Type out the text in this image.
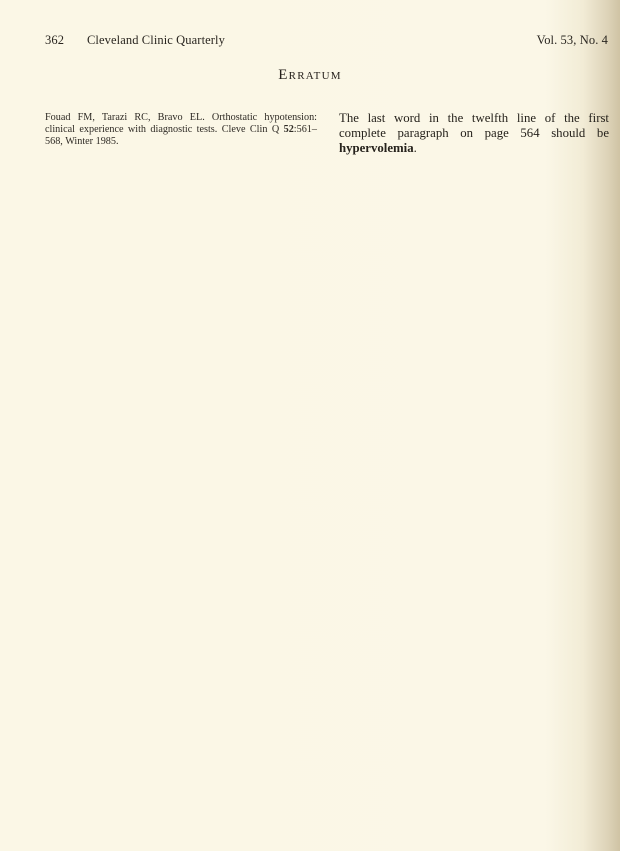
362 Cleveland Clinic Quarterly	Vol. 53, No. 4
Erratum
Fouad FM, Tarazi RC, Bravo EL. Orthostatic hypotension: clinical experience with diagnostic tests. Cleve Clin Q 52:561–568, Winter 1985.
The last word in the twelfth line of the first complete paragraph on page 564 should be hypervolemia.
